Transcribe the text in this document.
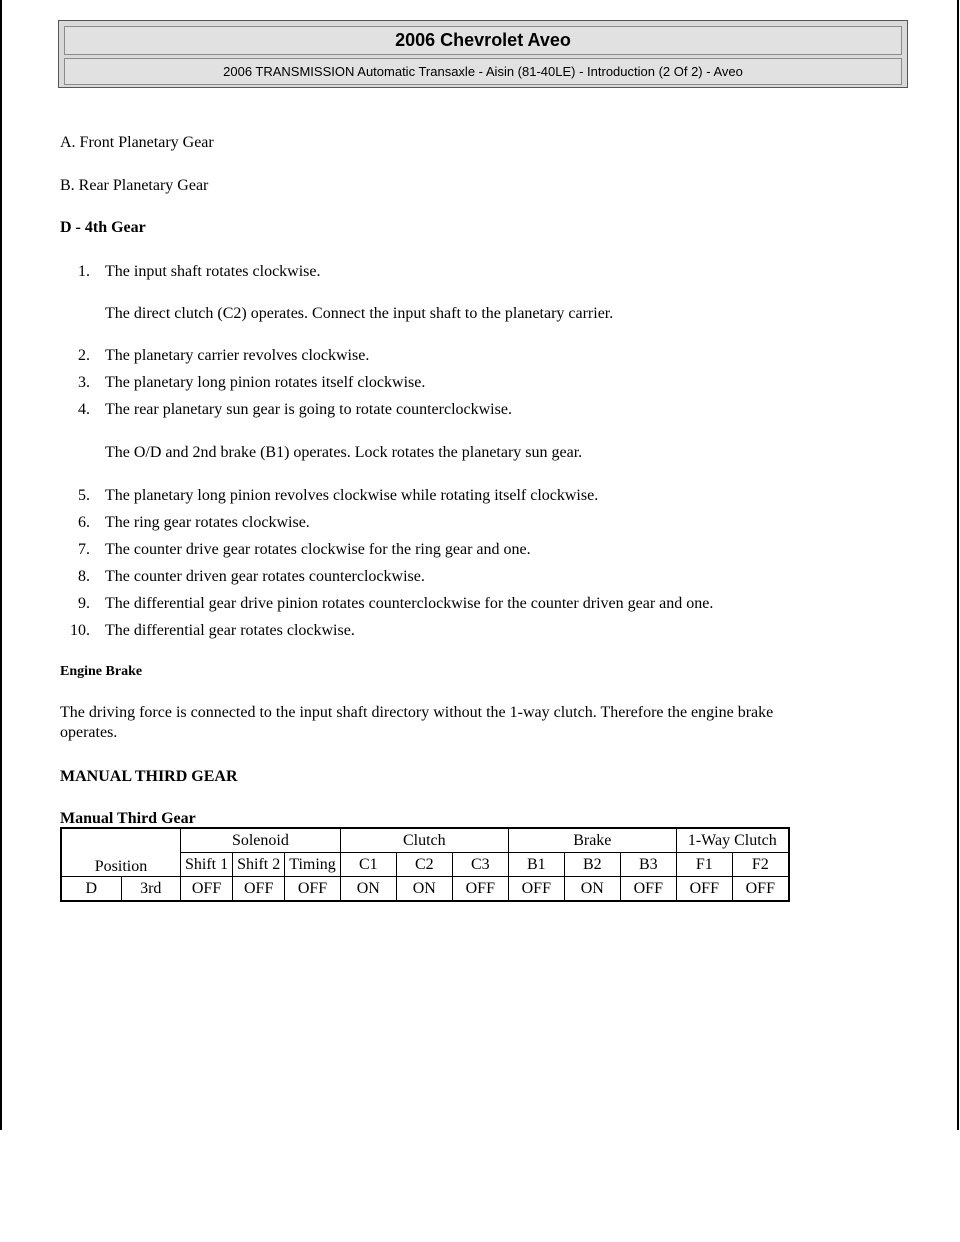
2006 Chevrolet Aveo
2006 TRANSMISSION Automatic Transaxle - Aisin (81-40LE) - Introduction (2 Of 2) - Aveo
A. Front Planetary Gear
B. Rear Planetary Gear
D - 4th Gear
1. The input shaft rotates clockwise.
The direct clutch (C2) operates. Connect the input shaft to the planetary carrier.
2. The planetary carrier revolves clockwise.
3. The planetary long pinion rotates itself clockwise.
4. The rear planetary sun gear is going to rotate counterclockwise.
The O/D and 2nd brake (B1) operates. Lock rotates the planetary sun gear.
5. The planetary long pinion revolves clockwise while rotating itself clockwise.
6. The ring gear rotates clockwise.
7. The counter drive gear rotates clockwise for the ring gear and one.
8. The counter driven gear rotates counterclockwise.
9. The differential gear drive pinion rotates counterclockwise for the counter driven gear and one.
10. The differential gear rotates clockwise.
Engine Brake
The driving force is connected to the input shaft directory without the 1-way clutch. Therefore the engine brake
operates.
MANUAL THIRD GEAR
Manual Third Gear
Position		Solenoid			Clutch			Brake			1-Way Clutch	
		Shift 1	Shift 2	Timing	C1	C2	C3	B1	B2	B3	F1	F2
D	3rd	OFF	OFF	OFF	ON	ON	OFF	OFF	ON	OFF	OFF	OFF
